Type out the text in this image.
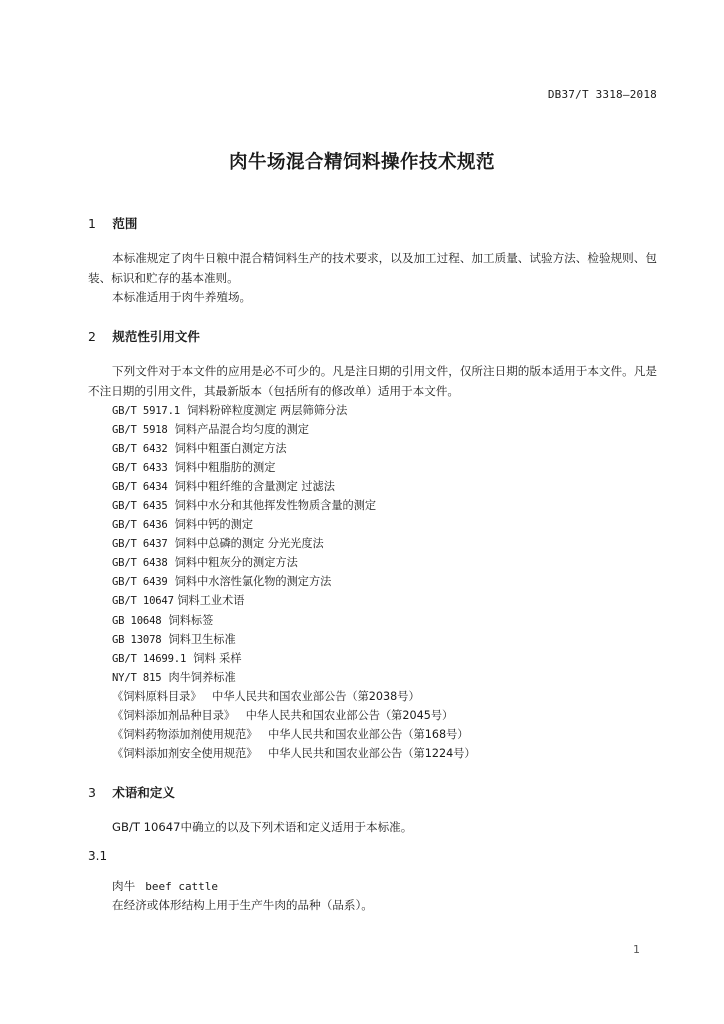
DB37/T 3318—2018
肉牛场混合精饲料操作技术规范
1 范围
本标准规定了肉牛日粮中混合精饲料生产的技术要求，以及加工过程、加工质量、试验方法、检验规则、包装、标识和贮存的基本准则。
本标准适用于肉牛养殖场。
2 规范性引用文件
下列文件对于本文件的应用是必不可少的。凡是注日期的引用文件，仅所注日期的版本适用于本文件。凡是不注日期的引用文件，其最新版本（包括所有的修改单）适用于本文件。
GB/T 5917.1  饲料粉碎粒度测定 两层筛筛分法
GB/T 5918  饲料产品混合均匀度的测定
GB/T 6432  饲料中粗蛋白测定方法
GB/T 6433  饲料中粗脂肪的测定
GB/T 6434  饲料中粗纤维的含量测定 过滤法
GB/T 6435  饲料中水分和其他挥发性物质含量的测定
GB/T 6436  饲料中钙的测定
GB/T 6437  饲料中总磷的测定 分光光度法
GB/T 6438  饲料中粗灰分的测定方法
GB/T 6439  饲料中水溶性氯化物的测定方法
GB/T 10647 饲料工业术语
GB 10648  饲料标签
GB 13078  饲料卫生标准
GB/T 14699.1  饲料 采样
NY/T 815  肉牛饲养标准
《饲料原料目录》   中华人民共和国农业部公告（第2038号）
《饲料添加剂品种目录》   中华人民共和国农业部公告（第2045号）
《饲料药物添加剂使用规范》   中华人民共和国农业部公告（第168号）
《饲料添加剂安全使用规范》   中华人民共和国农业部公告（第1224号）
3 术语和定义
GB/T 10647中确立的以及下列术语和定义适用于本标准。
3.1
肉牛 beef cattle
在经济或体形结构上用于生产牛肉的品种（品系）。
1
